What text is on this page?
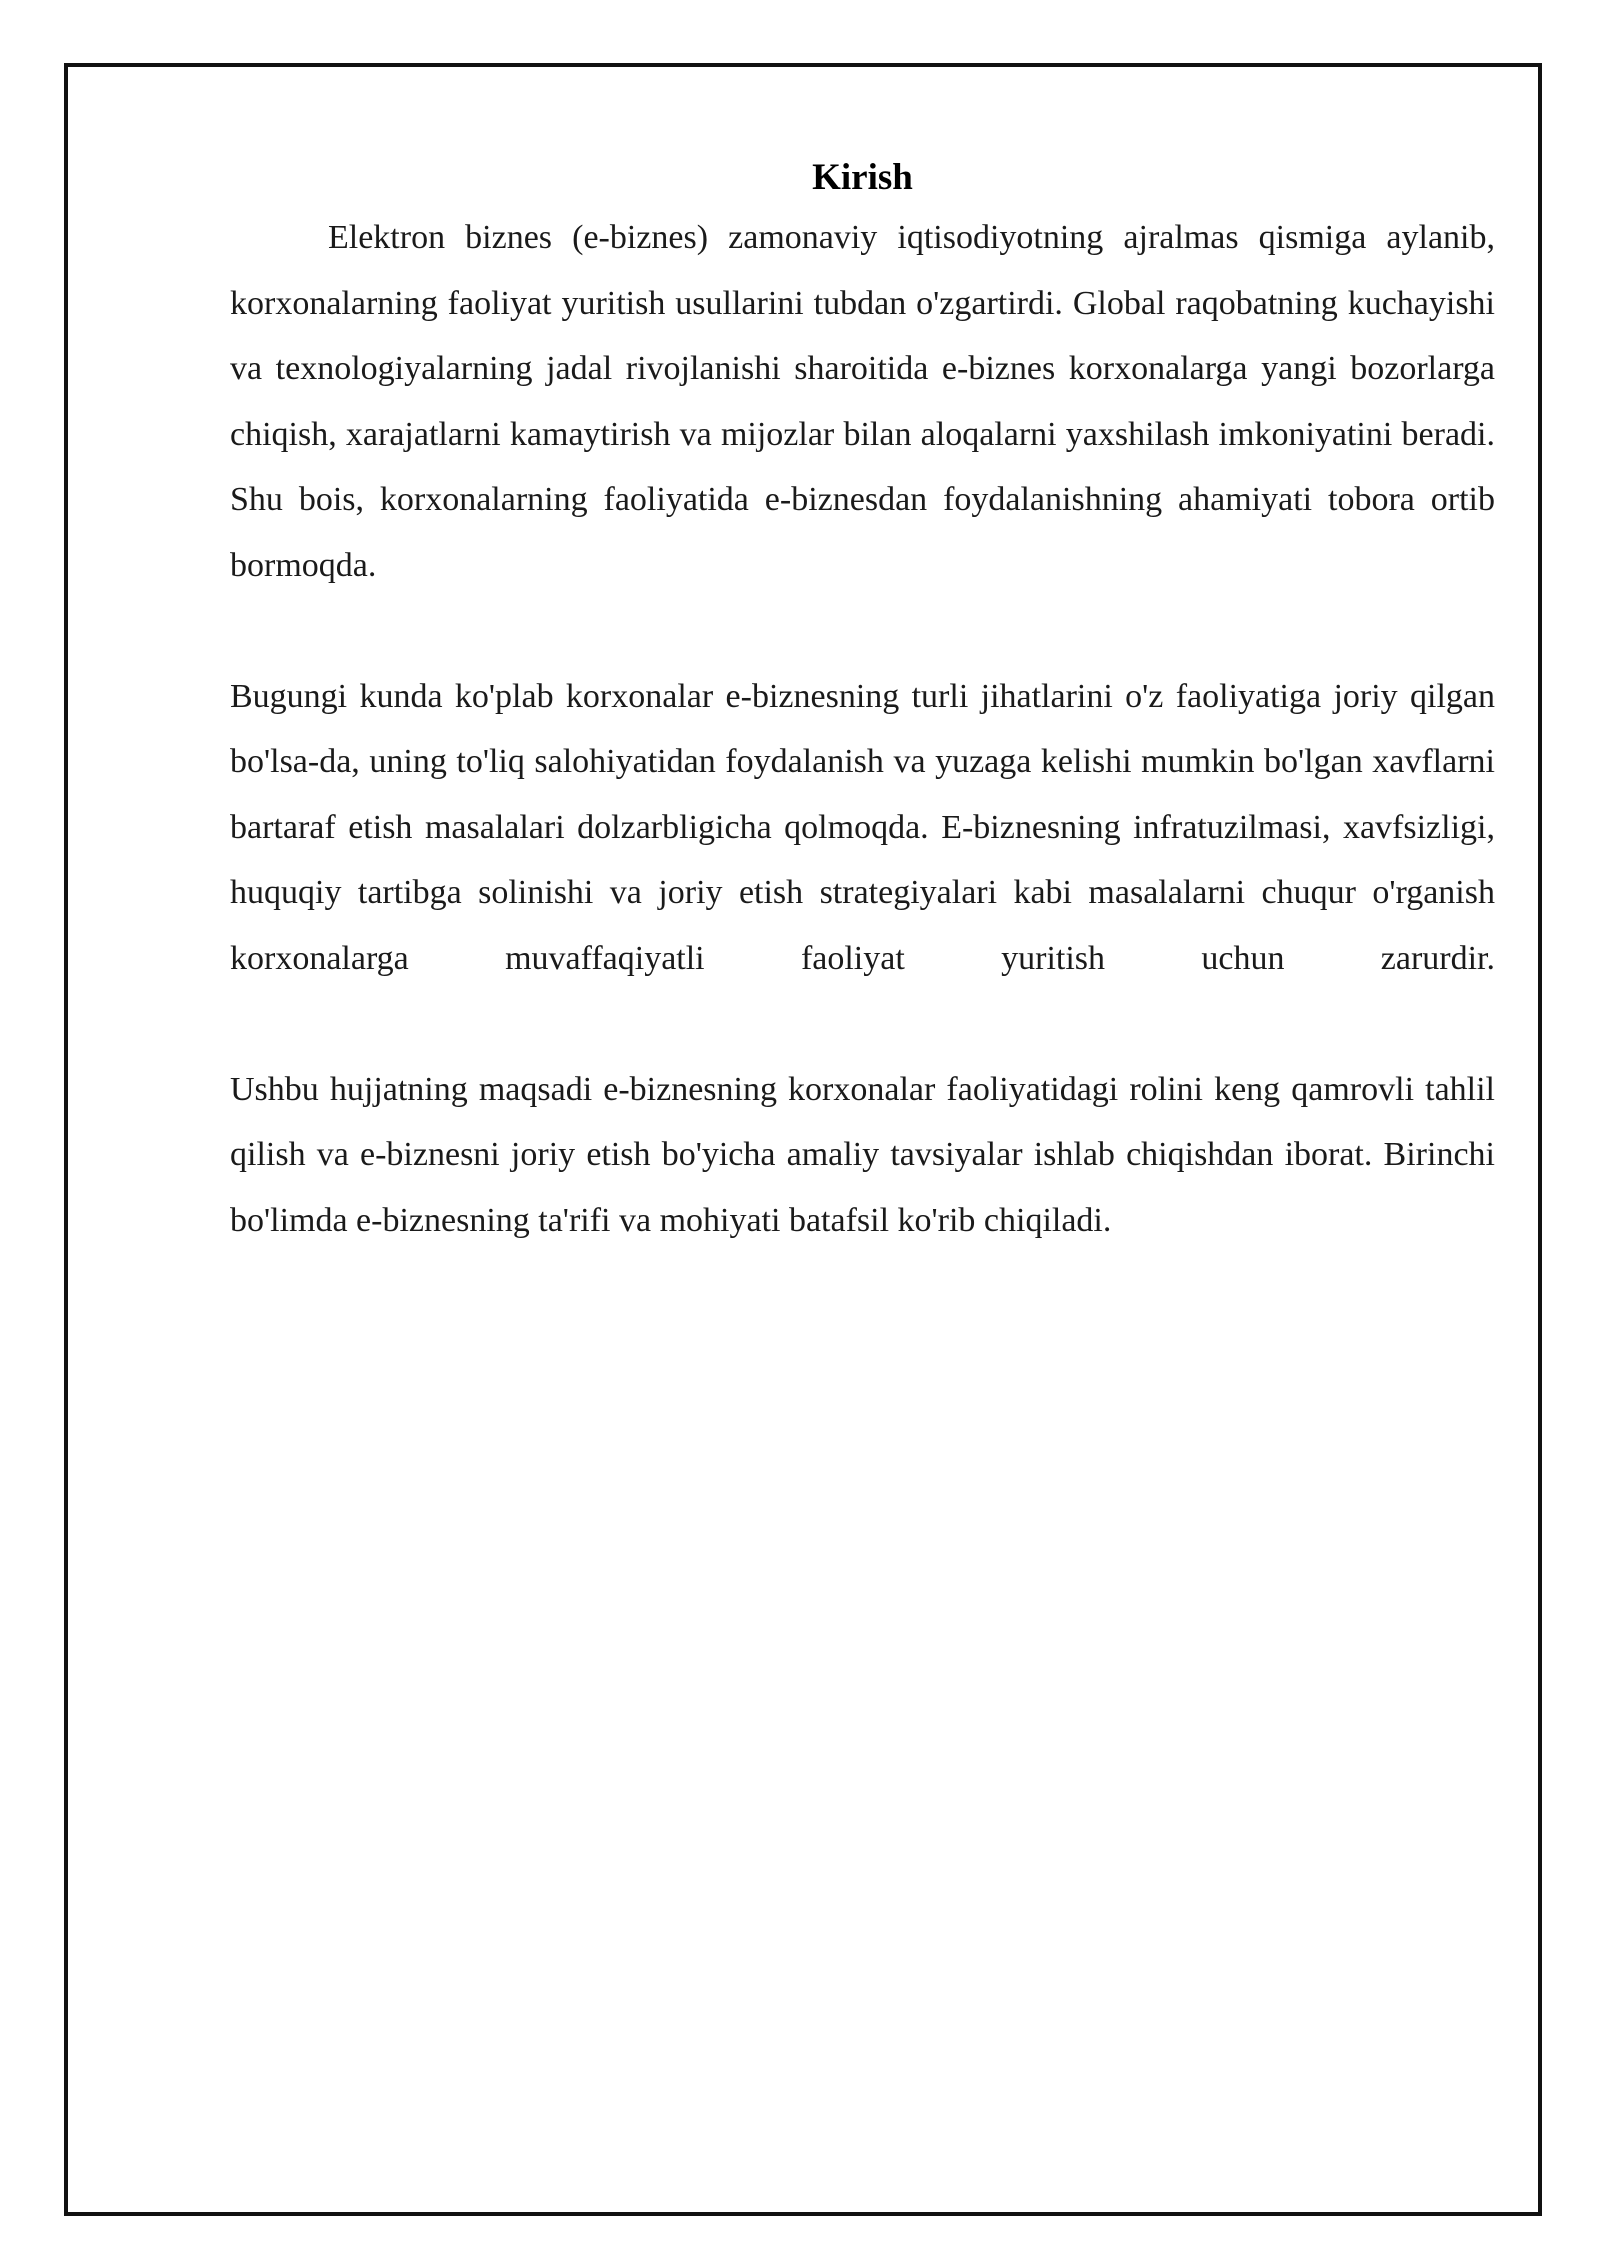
Kirish

Elektron biznes (e-biznes) zamonaviy iqtisodiyotning ajralmas qismiga aylanib, korxonalarning faoliyat yuritish usullarini tubdan o'zgartirdi. Global raqobatning kuchayishi va texnologiyalarning jadal rivojlanishi sharoitida e-biznes korxonalarga yangi bozorlarga chiqish, xarajatlarni kamaytirish va mijozlar bilan aloqalarni yaxshilash imkoniyatini beradi. Shu bois, korxonalarning faoliyatida e-biznesdan foydalanishning ahamiyati tobora ortib bormoqda.

Bugungi kunda ko'plab korxonalar e-biznesning turli jihatlarini o'z faoliyatiga joriy qilgan bo'lsa-da, uning to'liq salohiyatidan foydalanish va yuzaga kelishi mumkin bo'lgan xavflarni bartaraf etish masalalari dolzarbligicha qolmoqda. E-biznesning infratuzilmasi, xavfsizligi, huquqiy tartibga solinishi va joriy etish strategiyalari kabi masalalarni chuqur o'rganish korxonalarga muvaffaqiyatli faoliyat yuritish uchun zarurdir.

Ushbu hujjatning maqsadi e-biznesning korxonalar faoliyatidagi rolini keng qamrovli tahlil qilish va e-biznesni joriy etish bo'yicha amaliy tavsiyalar ishlab chiqishdan iborat. Birinchi bo'limda e-biznesning ta'rifi va mohiyati batafsil ko'rib chiqiladi.
